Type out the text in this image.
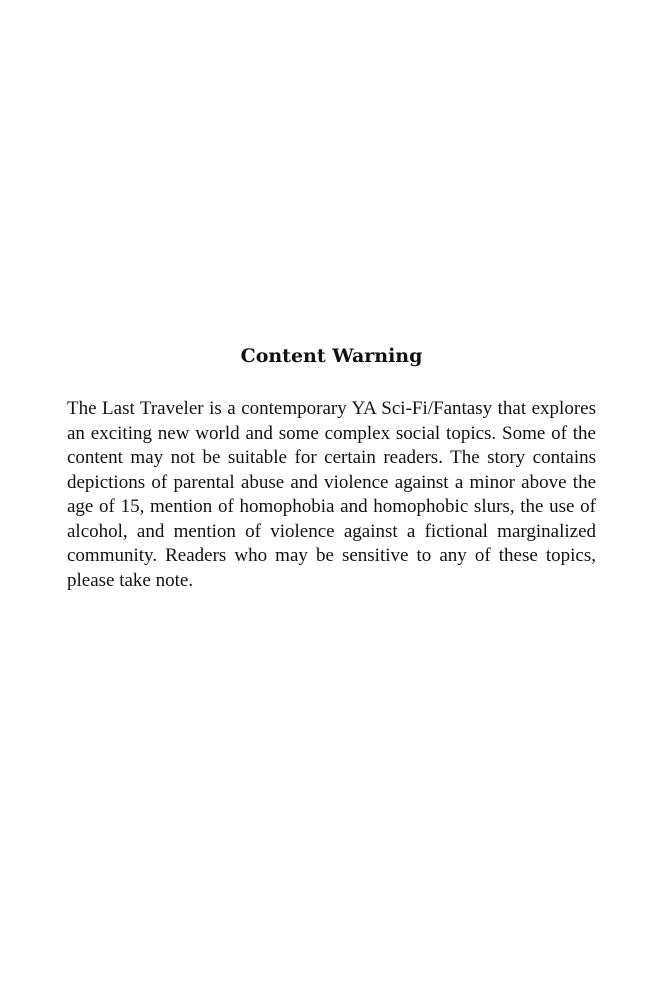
Content Warning

The Last Traveler is a contemporary YA Sci-Fi/Fantasy that explores an exciting new world and some complex social topics. Some of the content may not be suitable for certain readers. The story contains depictions of parental abuse and violence against a minor above the age of 15, mention of homophobia and homophobic slurs, the use of alcohol, and mention of violence against a fictional marginalized community. Readers who may be sensitive to any of these topics, please take note.
